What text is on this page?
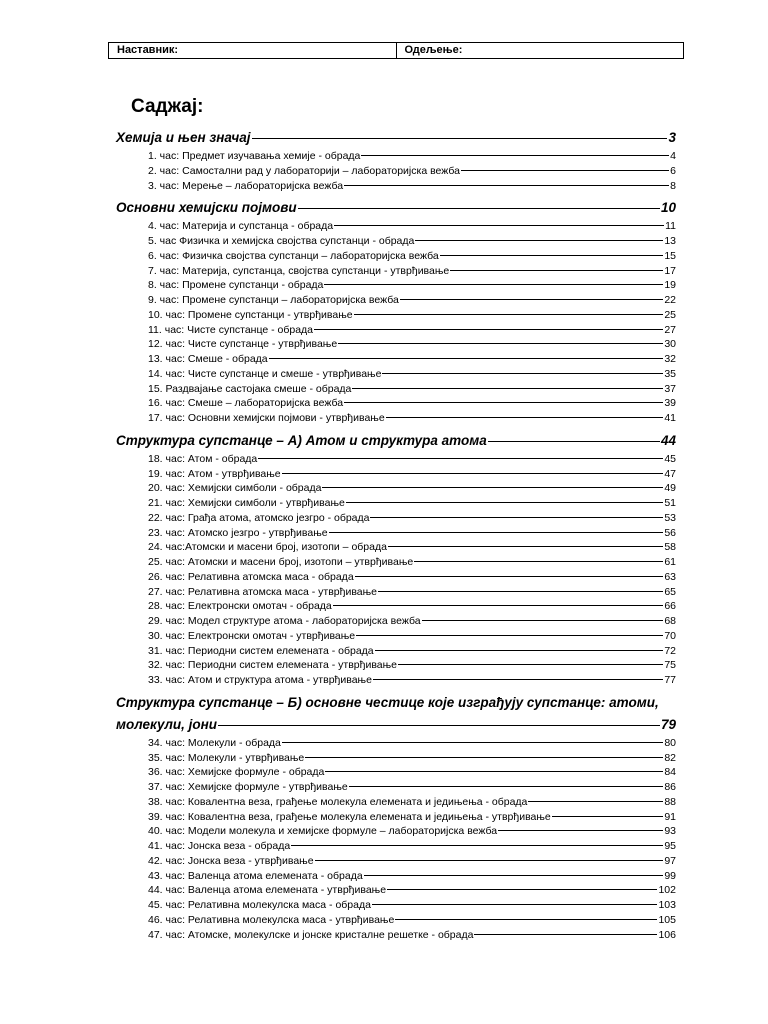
Наставник:	Одељење:
Саджај:
Хемија и њен значај	3
1. час: Предмет изучавања хемије - обрада	4
2. час: Самостални рад у лабораторији – лабораторијска вежба	6
3. час: Мерење – лабораторијска вежба	8
Основни хемијски појмови	10
4. час: Материја и супстанца - обрада	11
5. час Физичка и хемијска својства супстанци - обрада	13
6. час: Физичка својства супстанци – лабораторијска вежба	15
7. час: Материја, супстанца, својства супстанци - утврђивање	17
8. час: Промене супстанци - обрада	19
9. час: Промене супстанци – лабораторијска вежба	22
10. час: Промене супстанци - утврђивање	25
11. час: Чисте супстанце - обрада	27
12. час: Чисте супстанце - утврђивање	30
13. час: Смеше - обрада	32
14. час: Чисте супстанце и смеше - утврђивање	35
15. Раздвајање састојака смеше - обрада	37
16. час: Смеше – лабораторијска вежба	39
17. час: Основни хемијски појмови - утврђивање	41
Структура супстанце – А) Атом и структура атома	44
18. час: Атом - обрада	45
19. час: Атом - утврђивање	47
20. час: Хемијски симболи - обрада	49
21. час: Хемијски симболи - утврђивање	51
22. час: Грађа атома, атомско језгро - обрада	53
23. час: Атомско језгро - утврђивање	56
24. час:Атомски и масени број, изотопи – обрада	58
25. час: Атомски и масени број, изотопи – утврђивање	61
26. час: Релативна атомска маса - обрада	63
27. час: Релативна атомска маса - утврђивање	65
28. час: Електронски омотач - обрада	66
29. час: Модел структуре атома - лабораторијска вежба	68
30. час: Електронски омотач - утврђивање	70
31. час: Периодни систем елемената - обрада	72
32. час: Периодни систем елемената - утврђивање	75
33. час: Атом и структура атома - утврђивање	77
Структура супстанце – Б) основне честице које изграђују супстанце: атоми,
молекули, јони	79
34. час: Молекули - обрада	80
35. час: Молекули - утврђивање	82
36. час: Хемијске формуле - обрада	84
37. час: Хемијске формуле - утврђивање	86
38. час: Ковалентна веза, грађење молекула елемената и једињења - обрада	88
39. час: Ковалентна веза, грађење молекула елемената и једињења - утврђивање	91
40. час: Модели молекула и хемијске формуле – лабораторијска вежба	93
41. час: Јонска веза - обрада	95
42. час: Јонска веза - утврђивање	97
43. час: Валенца атома елемената - обрада	99
44. час: Валенца атома елемената - утврђивање	102
45. час: Релативна молекулска маса - обрада	103
46. час: Релативна молекулска маса - утврђивање	105
47. час: Атомске, молекулске и јонске кристалне решетке - обрада	106
